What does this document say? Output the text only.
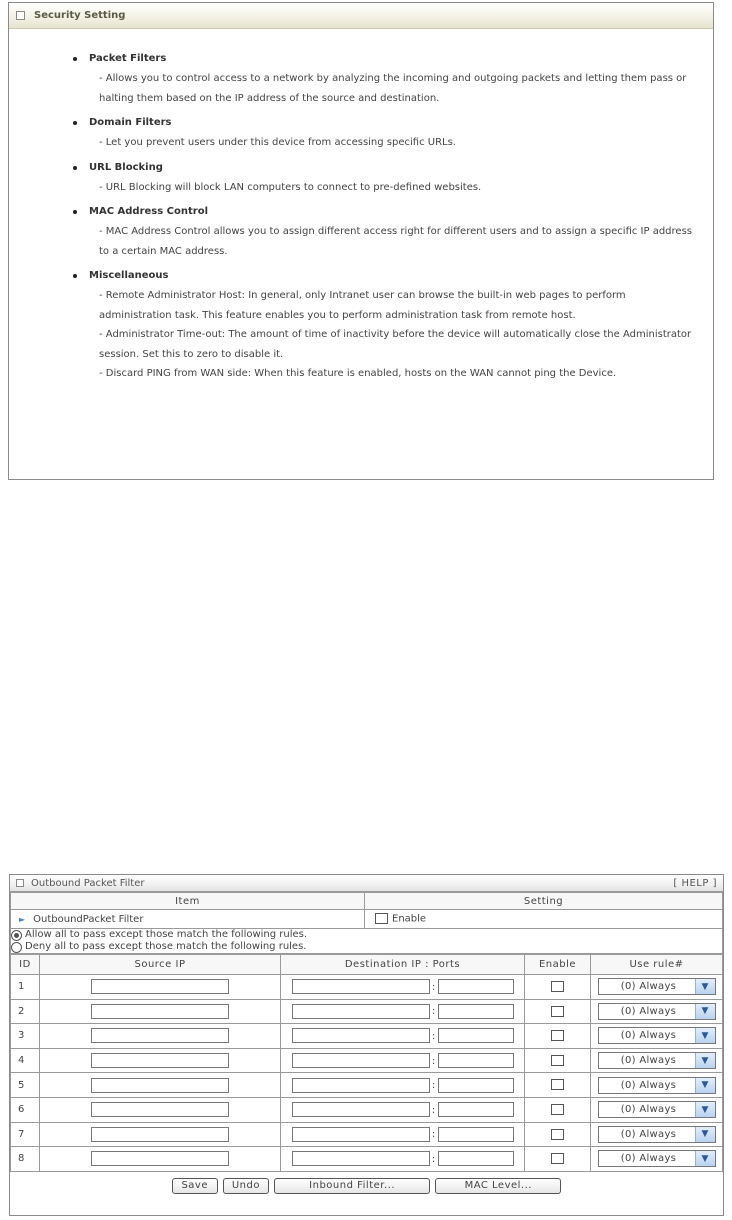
Security Setting
Packet Filters

- Allows you to control access to a network by analyzing the incoming and outgoing packets and letting them pass or halting them based on the IP address of the source and destination.

Domain Filters

- Let you prevent users under this device from accessing specific URLs.

URL Blocking

- URL Blocking will block LAN computers to connect to pre-defined websites.

MAC Address Control

- MAC Address Control allows you to assign different access right for different users and to assign a specific IP address to a certain MAC address.

Miscellaneous

- Remote Administrator Host: In general, only Intranet user can browse the built-in web pages to perform administration task. This feature enables you to perform administration task from remote host.

- Administrator Time-out: The amount of time of inactivity before the device will automatically close the Administrator session. Set this to zero to disable it.

- Discard PING from WAN side: When this feature is enabled, hosts on the WAN cannot ping the Device.

Outbound Packet Filter	[ HELP ]
Item	Setting
► OutboundPacket Filter	Enable

Allow all to pass except those match the following rules.
Deny all to pass except those match the following rules.	
ID	Source IP	Destination IP : Ports	Enable	Use rule#
1		:		(0) Always ▼

2		:		(0) Always ▼

3		:		(0) Always ▼

4		:		(0) Always ▼

5		:		(0) Always ▼

6		:		(0) Always ▼

7		:		(0) Always ▼

8		:		(0) Always ▼
Save Undo	Inbound Filter...	MAC Level...
